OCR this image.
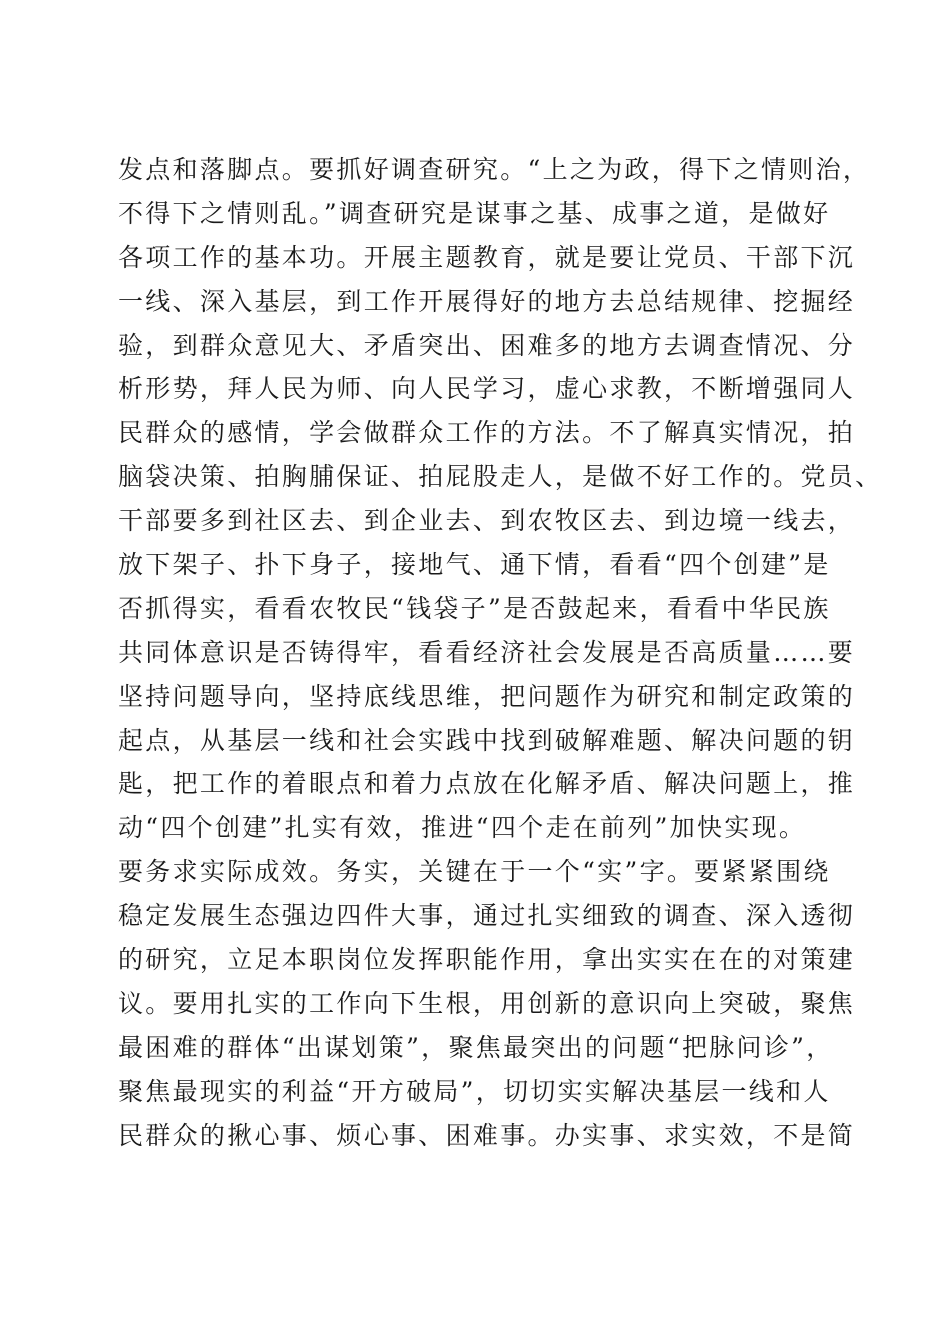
发点和落脚点。要抓好调查研究。“上之为政，得下之情则治，
不得下之情则乱。”调查研究是谋事之基、成事之道，是做好
各项工作的基本功。开展主题教育，就是要让党员、干部下沉
一线、深入基层，到工作开展得好的地方去总结规律、挖掘经
验，到群众意见大、矛盾突出、困难多的地方去调查情况、分
析形势，拜人民为师、向人民学习，虚心求教，不断增强同人
民群众的感情，学会做群众工作的方法。不了解真实情况，拍
脑袋决策、拍胸脯保证、拍屁股走人，是做不好工作的。党员、
干部要多到社区去、到企业去、到农牧区去、到边境一线去，
放下架子、扑下身子，接地气、通下情，看看“四个创建”是
否抓得实，看看农牧民“钱袋子”是否鼓起来，看看中华民族
共同体意识是否铸得牢，看看经济社会发展是否高质量……要
坚持问题导向，坚持底线思维，把问题作为研究和制定政策的
起点，从基层一线和社会实践中找到破解难题、解决问题的钥
匙，把工作的着眼点和着力点放在化解矛盾、解决问题上，推
动“四个创建”扎实有效，推进“四个走在前列”加快实现。
要务求实际成效。务实，关键在于一个“实”字。要紧紧围绕
稳定发展生态强边四件大事，通过扎实细致的调查、深入透彻
的研究，立足本职岗位发挥职能作用，拿出实实在在的对策建
议。要用扎实的工作向下生根，用创新的意识向上突破，聚焦
最困难的群体“出谋划策”，聚焦最突出的问题“把脉问诊”，
聚焦最现实的利益“开方破局”，切切实实解决基层一线和人
民群众的揪心事、烦心事、困难事。办实事、求实效，不是简
